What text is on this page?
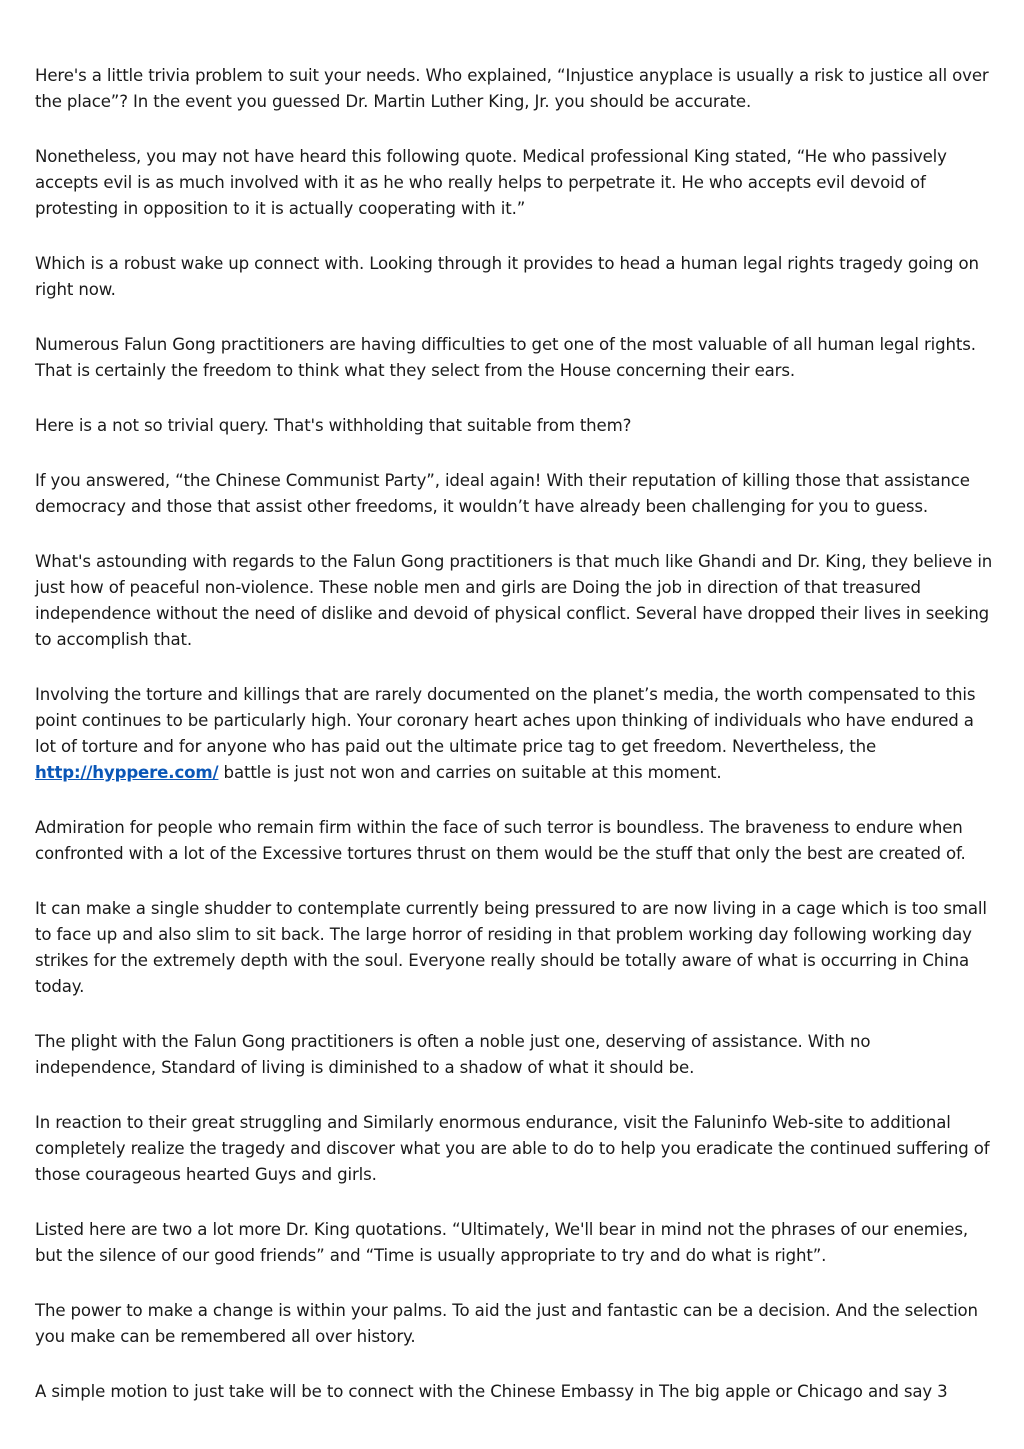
Here's a little trivia problem to suit your needs. Who explained, “Injustice anyplace is usually a risk to justice all over the place”? In the event you guessed Dr. Martin Luther King, Jr. you should be accurate.

Nonetheless, you may not have heard this following quote. Medical professional King stated, “He who passively accepts evil is as much involved with it as he who really helps to perpetrate it. He who accepts evil devoid of protesting in opposition to it is actually cooperating with it.”

Which is a robust wake up connect with. Looking through it provides to head a human legal rights tragedy going on right now.

Numerous Falun Gong practitioners are having difficulties to get one of the most valuable of all human legal rights. That is certainly the freedom to think what they select from the House concerning their ears.

Here is a not so trivial query. That's withholding that suitable from them?

If you answered, “the Chinese Communist Party”, ideal again! With their reputation of killing those that assistance democracy and those that assist other freedoms, it wouldn’t have already been challenging for you to guess.

What's astounding with regards to the Falun Gong practitioners is that much like Ghandi and Dr. King, they believe in just how of peaceful non-violence. These noble men and girls are Doing the job in direction of that treasured independence without the need of dislike and devoid of physical conflict. Several have dropped their lives in seeking to accomplish that.

Involving the torture and killings that are rarely documented on the planet’s media, the worth compensated to this point continues to be particularly high. Your coronary heart aches upon thinking of individuals who have endured a lot of torture and for anyone who has paid out the ultimate price tag to get freedom. Nevertheless, the http://hyppere.com/ battle is just not won and carries on suitable at this moment.

Admiration for people who remain firm within the face of such terror is boundless. The braveness to endure when confronted with a lot of the Excessive tortures thrust on them would be the stuff that only the best are created of.

It can make a single shudder to contemplate currently being pressured to are now living in a cage which is too small to face up and also slim to sit back. The large horror of residing in that problem working day following working day strikes for the extremely depth with the soul. Everyone really should be totally aware of what is occurring in China today.

The plight with the Falun Gong practitioners is often a noble just one, deserving of assistance. With no independence, Standard of living is diminished to a shadow of what it should be.

In reaction to their great struggling and Similarly enormous endurance, visit the Faluninfo Web-site to additional completely realize the tragedy and discover what you are able to do to help you eradicate the continued suffering of those courageous hearted Guys and girls.

Listed here are two a lot more Dr. King quotations. “Ultimately, We'll bear in mind not the phrases of our enemies, but the silence of our good friends” and “Time is usually appropriate to try and do what is right”.

The power to make a change is within your palms. To aid the just and fantastic can be a decision. And the selection you make can be remembered all over history.

A simple motion to just take will be to connect with the Chinese Embassy in The big apple or Chicago and say 3
